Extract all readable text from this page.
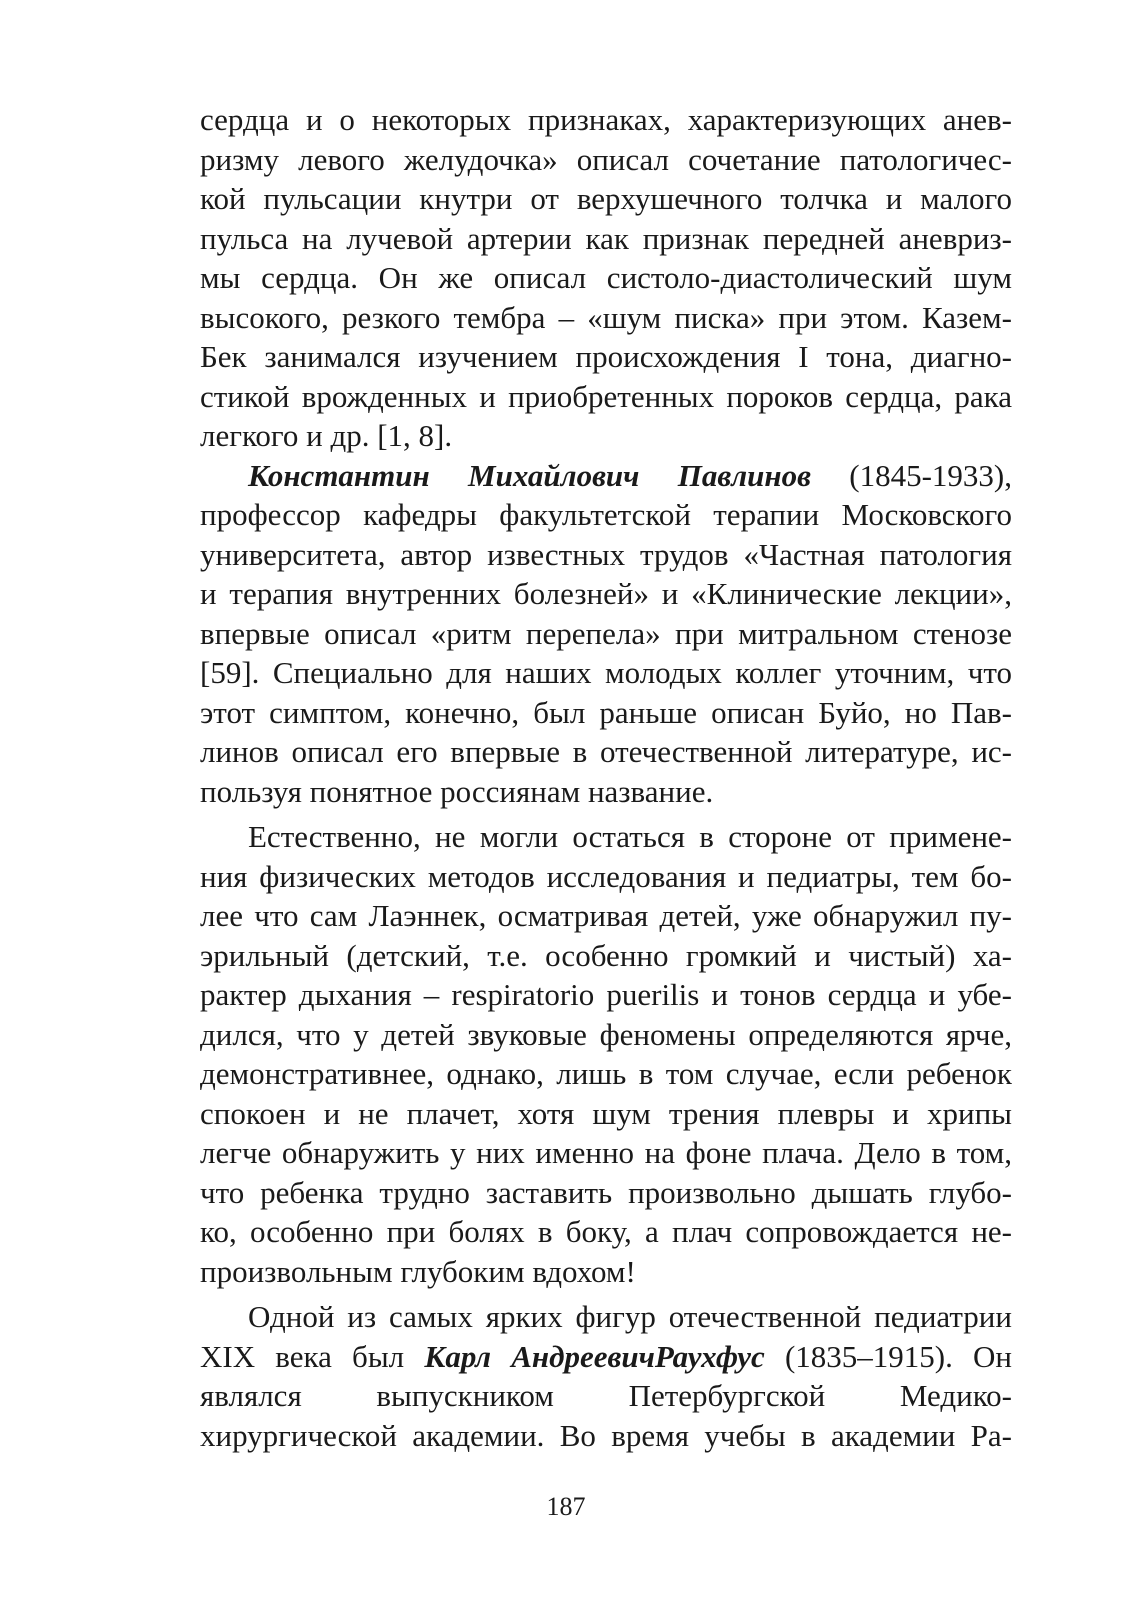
сердца и о некоторых признаках, характеризующих анев-
ризму левого желудочка» описал сочетание патологичес-
кой пульсации кнутри от верхушечного толчка и малого
пульса на лучевой артерии как признак передней аневриз-
мы сердца. Он же описал систоло-диастолический шум
высокого, резкого тембра – «шум писка» при этом. Казем-
Бек занимался изучением происхождения I тона, диагно-
стикой врожденных и приобретенных пороков сердца, рака
легкого и др. [1, 8].
Константин Михайлович Павлинов (1845-1933),
профессор кафедры факультетской терапии Московского
университета, автор известных трудов «Частная патология
и терапия внутренних болезней» и «Клинические лекции»,
впервые описал «ритм перепела» при митральном стенозе
[59]. Специально для наших молодых коллег уточним, что
этот симптом, конечно, был раньше описан Буйо, но Пав-
линов описал его впервые в отечественной литературе, ис-
пользуя понятное россиянам название.
Естественно, не могли остаться в стороне от примене-
ния физических методов исследования и педиатры, тем бо-
лее что сам Лаэннек, осматривая детей, уже обнаружил пу-
эрильный (детский, т.е. особенно громкий и чистый) ха-
рактер дыхания – respiratorio puerilis и тонов сердца и убе-
дился, что у детей звуковые феномены определяются ярче,
демонстративнее, однако, лишь в том случае, если ребенок
спокоен и не плачет, хотя шум трения плевры и хрипы
легче обнаружить у них именно на фоне плача. Дело в том,
что ребенка трудно заставить произвольно дышать глубо-
ко, особенно при болях в боку, а плач сопровождается не-
произвольным глубоким вдохом!
Одной из самых ярких фигур отечественной педиатрии
XIX века был Карл АндреевичРаухфус (1835–1915). Он
являлся выпускником Петербургской Медико-
хирургической академии. Во время учебы в академии Ра-
187
